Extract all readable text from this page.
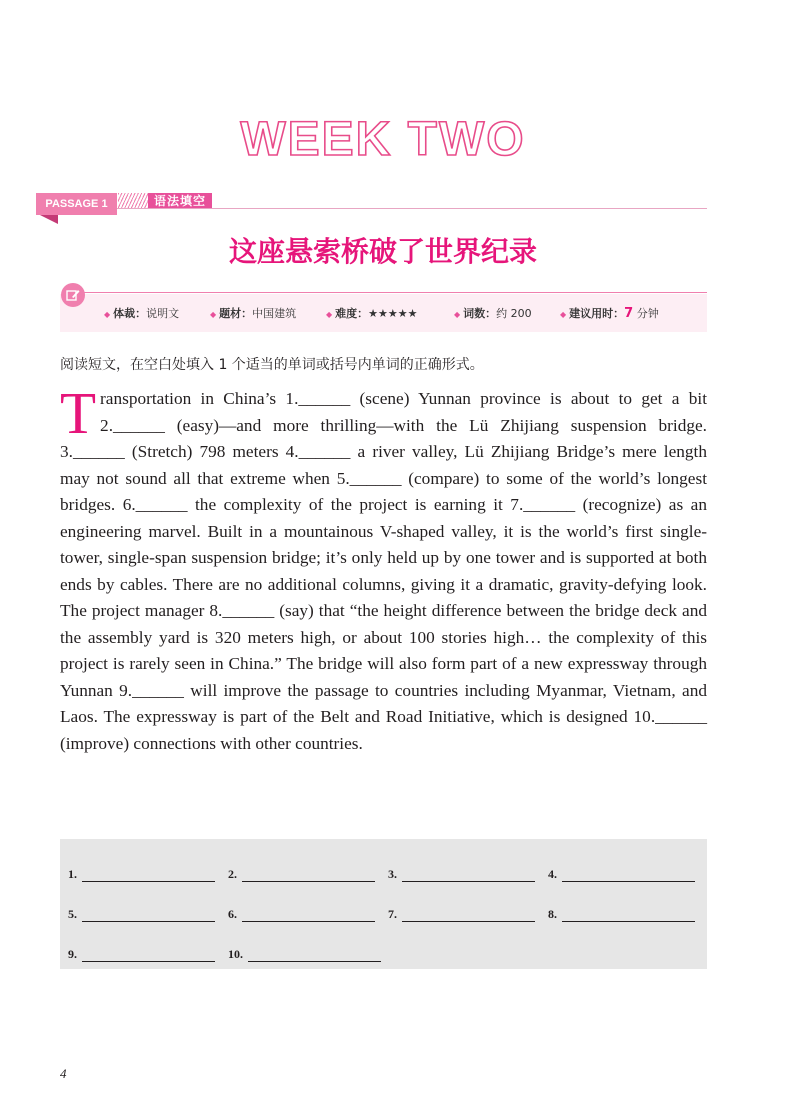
WEEK TWO
PASSAGE 1	语法填空
这座悬索桥破了世界纪录
◆ 体裁：说明文	◆ 题材：中国建筑	◆ 难度：★★★★★	◆ 词数：约 200	◆ 建议用时：7 分钟
阅读短文，在空白处填入 1 个适当的单词或括号内单词的正确形式。

Transportation in China’s 1.______ (scene) Yunnan province is about to get a bit 2.______ (easy)—and more thrilling—with the Lü Zhijiang suspension bridge. 3.______ (Stretch) 798 meters 4.______ a river valley, Lü Zhijiang Bridge’s mere length may not sound all that extreme when 5.______ (compare) to some of the world’s longest bridges. 6.______ the complexity of the project is earning it 7.______ (recognize) as an engineering marvel. Built in a mountainous V-shaped valley, it is the world’s first single-tower, single-span suspension bridge; it’s only held up by one tower and is supported at both ends by cables. There are no additional columns, giving it a dramatic, gravity-defying look. The project manager 8.______ (say) that “the height difference between the bridge deck and the assembly yard is 320 meters high, or about 100 stories high… the complexity of this project is rarely seen in China.” The bridge will also form part of a new expressway through Yunnan 9.______ will improve the passage to countries including Myanmar, Vietnam, and Laos. The expressway is part of the Belt and Road Initiative, which is designed 10.______ (improve) connections with other countries.

1.	2.	3.	4.
5.	6.	7.	8.
9.	10.
4
